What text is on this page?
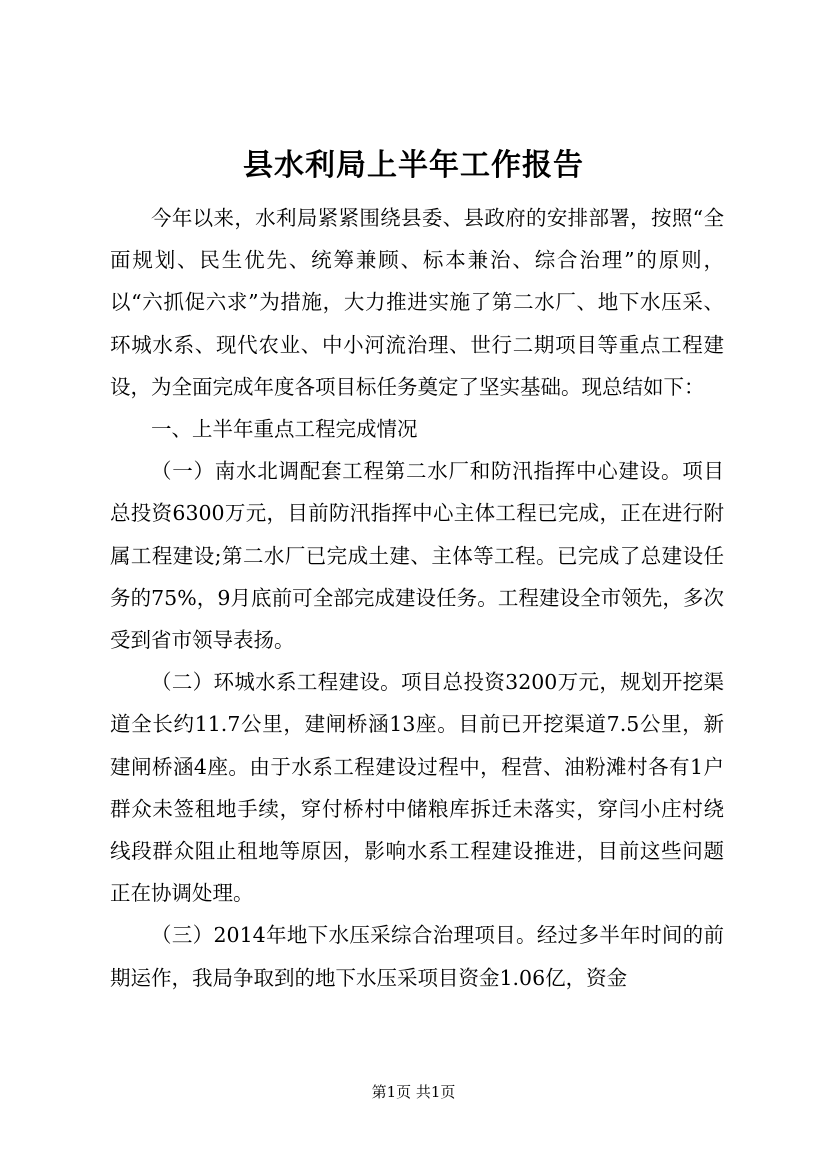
县水利局上半年工作报告

今年以来，水利局紧紧围绕县委、县政府的安排部署，按照“全面规划、民生优先、统筹兼顾、标本兼治、综合治理”的原则，以“六抓促六求”为措施，大力推进实施了第二水厂、地下水压采、环城水系、现代农业、中小河流治理、世行二期项目等重点工程建设，为全面完成年度各项目标任务奠定了坚实基础。现总结如下：

一、上半年重点工程完成情况

（一）南水北调配套工程第二水厂和防汛指挥中心建设。项目总投资6300万元，目前防汛指挥中心主体工程已完成，正在进行附属工程建设;第二水厂已完成土建、主体等工程。已完成了总建设任务的75%，9月底前可全部完成建设任务。工程建设全市领先，多次受到省市领导表扬。

（二）环城水系工程建设。项目总投资3200万元，规划开挖渠道全长约11.7公里，建闸桥涵13座。目前已开挖渠道7.5公里，新建闸桥涵4座。由于水系工程建设过程中，程营、油粉滩村各有1户群众未签租地手续，穿付桥村中储粮库拆迁未落实，穿闫小庄村绕线段群众阻止租地等原因，影响水系工程建设推进，目前这些问题正在协调处理。

（三）2014年地下水压采综合治理项目。经过多半年时间的前期运作，我局争取到的地下水压采项目资金1.06亿，资金

第1页 共1页
